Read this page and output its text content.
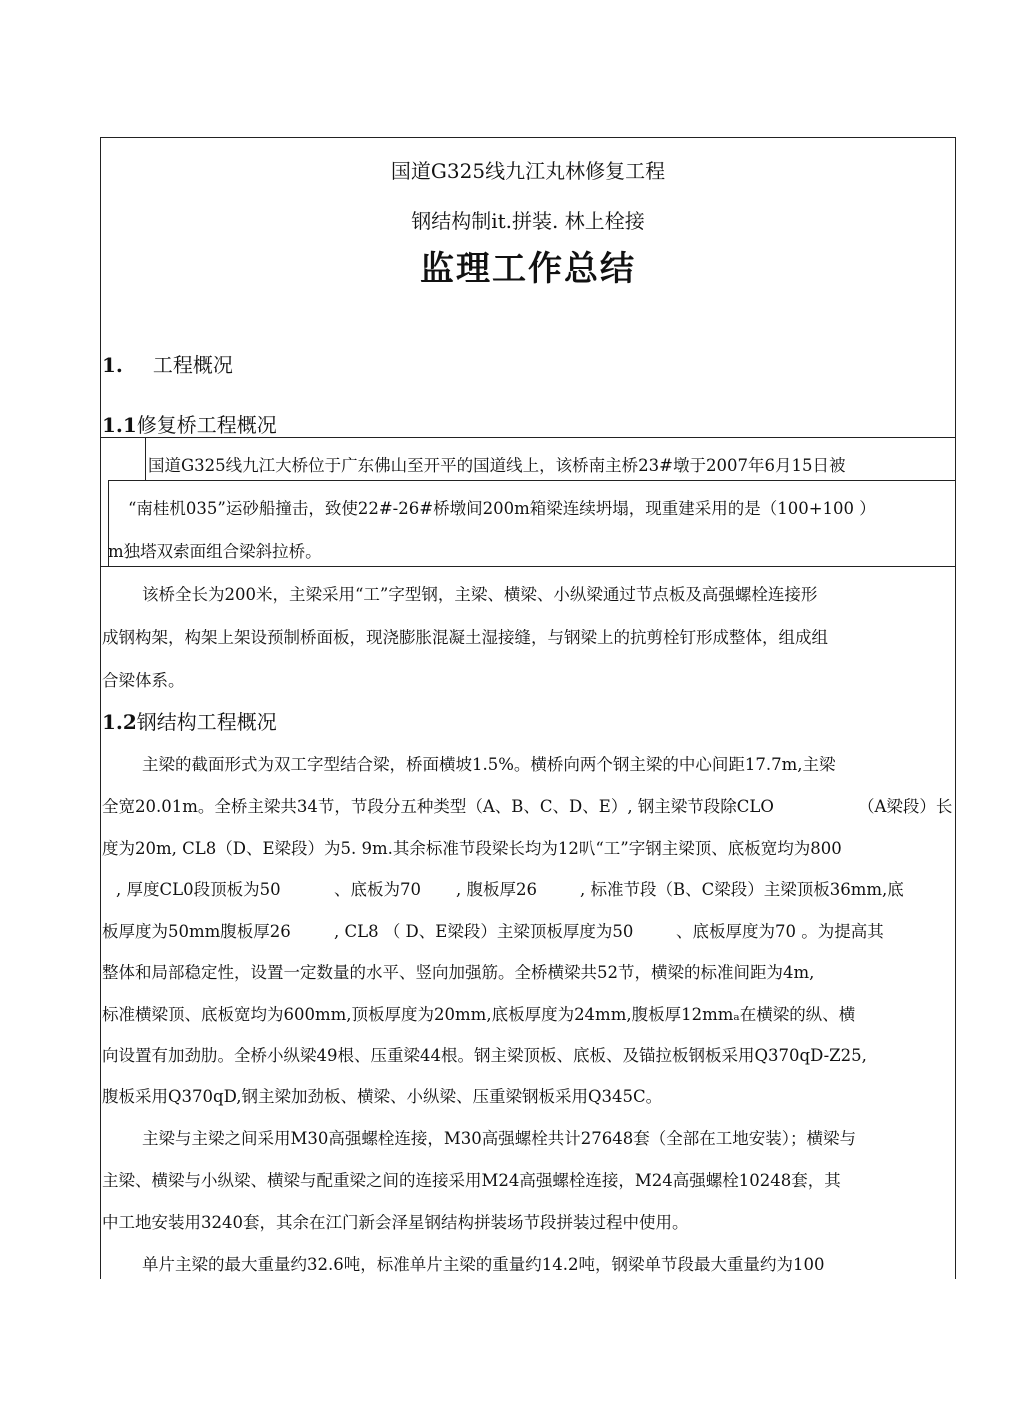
国道G325线九江丸林修复工程
钢结构制it.拼装. 林上栓接
监理工作总结
1. 工程概况
1.1修复桥工程概况
国道G325线九江大桥位于广东佛山至开平的国道线上，该桥南主桥23#墩于2007年6月15日被
“南桂机035”运砂船撞击，致使22#-26#桥墩间200m箱梁连续坍塌，现重建采用的是（100+100 ）
m独塔双索面组合梁斜拉桥。
该桥全长为200米，主梁采用“工”字型钢，主梁、横梁、小纵梁通过节点板及高强螺栓连接形
成钢构架，构架上架设预制桥面板，现浇膨胀混凝土湿接缝，与钢梁上的抗剪栓钉形成整体，组成组
合梁体系。
1.2钢结构工程概况
主梁的截面形式为双工字型结合梁，桥面横坡1.5%。横桥向两个钢主梁的中心间距17.7m,主梁
全宽20.01m。全桥主梁共34节，节段分五种类型（A、B、C、D、E）, 钢主梁节段除CLO	（A梁段）长
度为20m, CL8（D、E梁段）为5. 9m.其余标准节段梁长均为12叭“工”字钢主梁顶、底板宽均为800
, 厚度CL0段顶板为50	、底板为70 , 腹板厚26	, 标准节段（B、C梁段）主梁顶板36mm,底
板厚度为50mm腹板厚26	, CL8 （ D、E梁段）主梁顶板厚度为50	、底板厚度为70 。为提高其
整体和局部稳定性，设置一定数量的水平、竖向加强筋。全桥横梁共52节，横梁的标准间距为4m,
标准横梁顶、底板宽均为600mm,顶板厚度为20mm,底板厚度为24mm,腹板厚12mmₐ在横梁的纵、横
向设置有加劲肋。全桥小纵梁49根、压重梁44根。钢主梁顶板、底板、及锚拉板钢板采用Q370qD-Z25,
腹板采用Q370qD,钢主梁加劲板、横梁、小纵梁、压重梁钢板采用Q345C。
主梁与主梁之间采用M30高强螺栓连接，M30高强螺栓共计27648套（全部在工地安装）；横梁与
主梁、横梁与小纵梁、横梁与配重梁之间的连接采用M24高强螺栓连接，M24高强螺栓10248套，其
中工地安装用3240套，其余在江门新会泽星钢结构拼装场节段拼装过程中使用。
单片主梁的最大重量约32.6吨，标准单片主梁的重量约14.2吨，钢梁单节段最大重量约为100
